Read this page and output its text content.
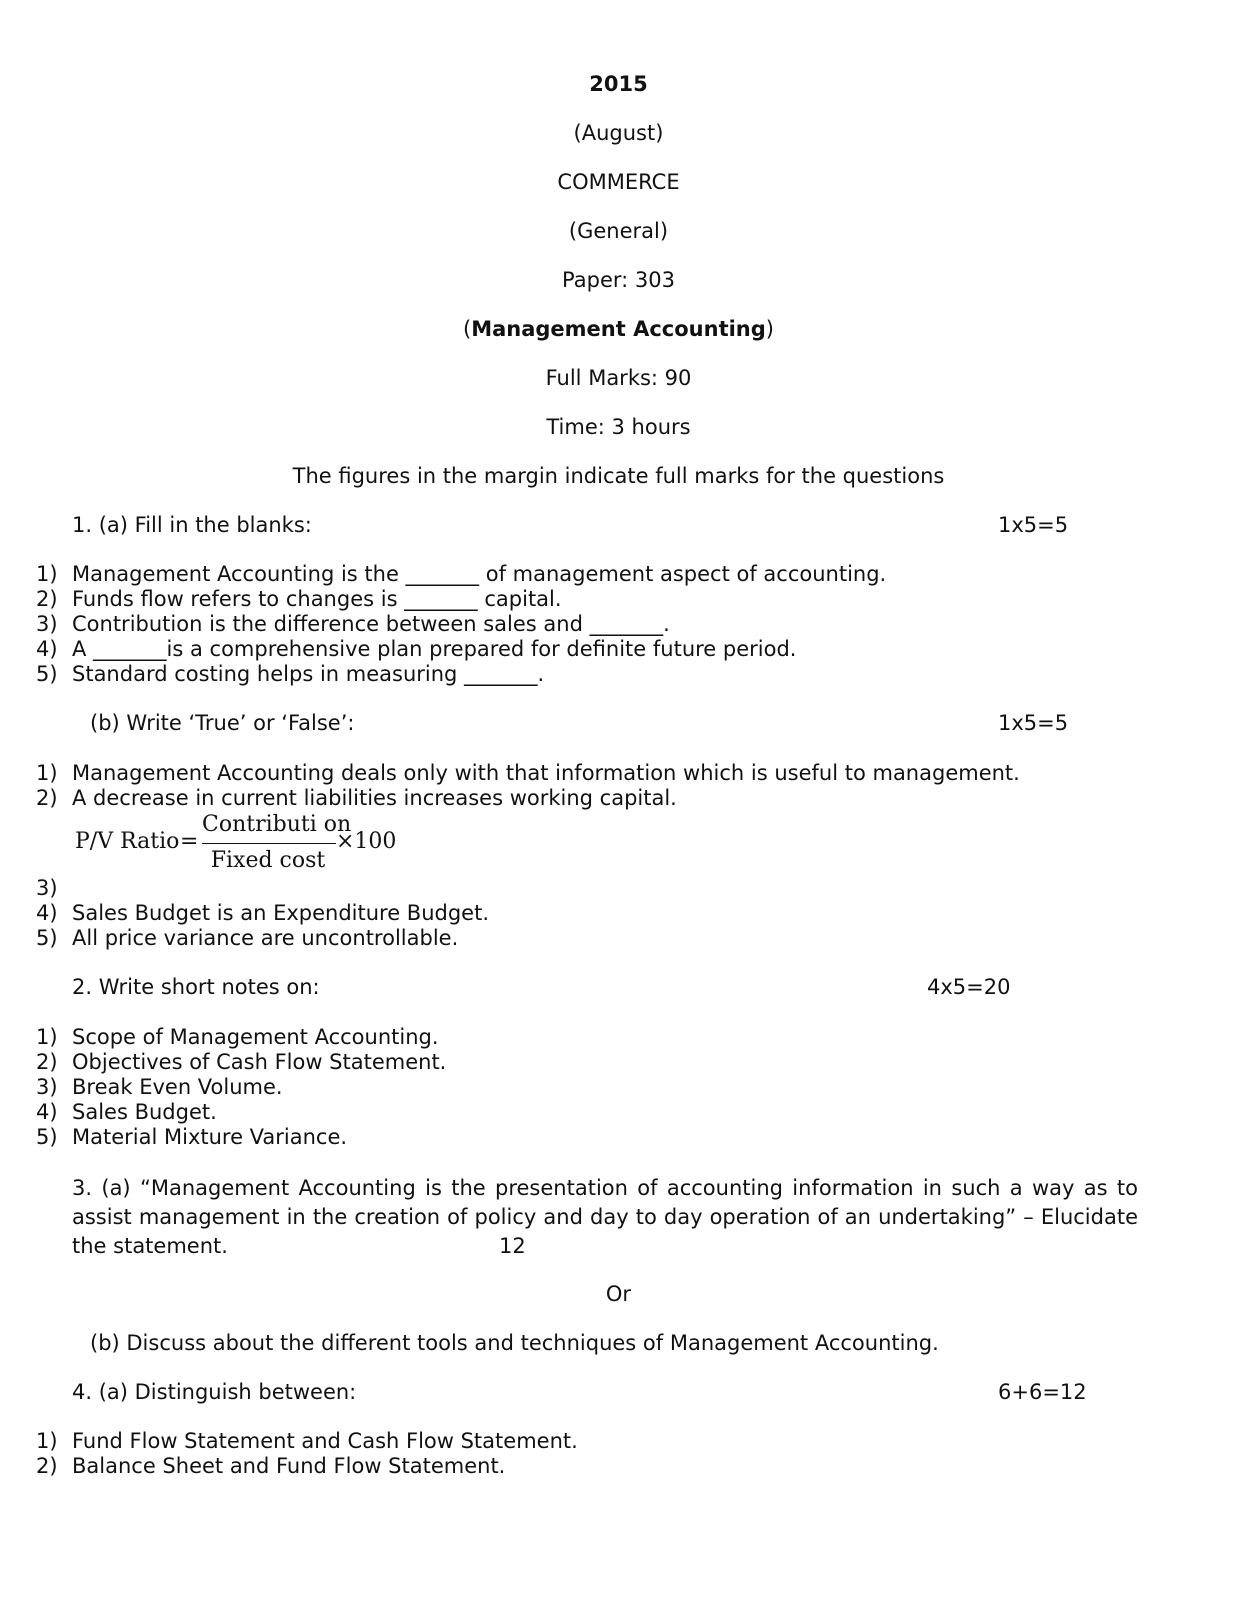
2015
(August)
COMMERCE
(General)
Paper: 303
(Management Accounting)
Full Marks: 90
Time: 3 hours
The figures in the margin indicate full marks for the questions
1. (a) Fill in the blanks:	1x5=5
1) Management Accounting is the _______ of management aspect of accounting.
2) Funds flow refers to changes is _______ capital.
3) Contribution is the difference between sales and _______.
4) A _______is a comprehensive plan prepared for definite future period.
5) Standard costing helps in measuring _______.
(b) Write ‘True’ or ‘False’:	1x5=5
1) Management Accounting deals only with that information which is useful to management.
2) A decrease in current liabilities increases working capital.
P/V Ratio =
Contributi on
Fixed cost
×100
3)
4) Sales Budget is an Expenditure Budget.
5) All price variance are uncontrollable.
2. Write short notes on:	4x5=20
1) Scope of Management Accounting.
2) Objectives of Cash Flow Statement.
3) Break Even Volume.
4) Sales Budget.
5) Material Mixture Variance.
3. (a) “Management Accounting is the presentation of accounting information in such a way as to assist management in the creation of policy and day to day operation of an undertaking” – Elucidate the statement.	12
Or
(b) Discuss about the different tools and techniques of Management Accounting.
4. (a) Distinguish between:	6+6=12
1) Fund Flow Statement and Cash Flow Statement.
2) Balance Sheet and Fund Flow Statement.
